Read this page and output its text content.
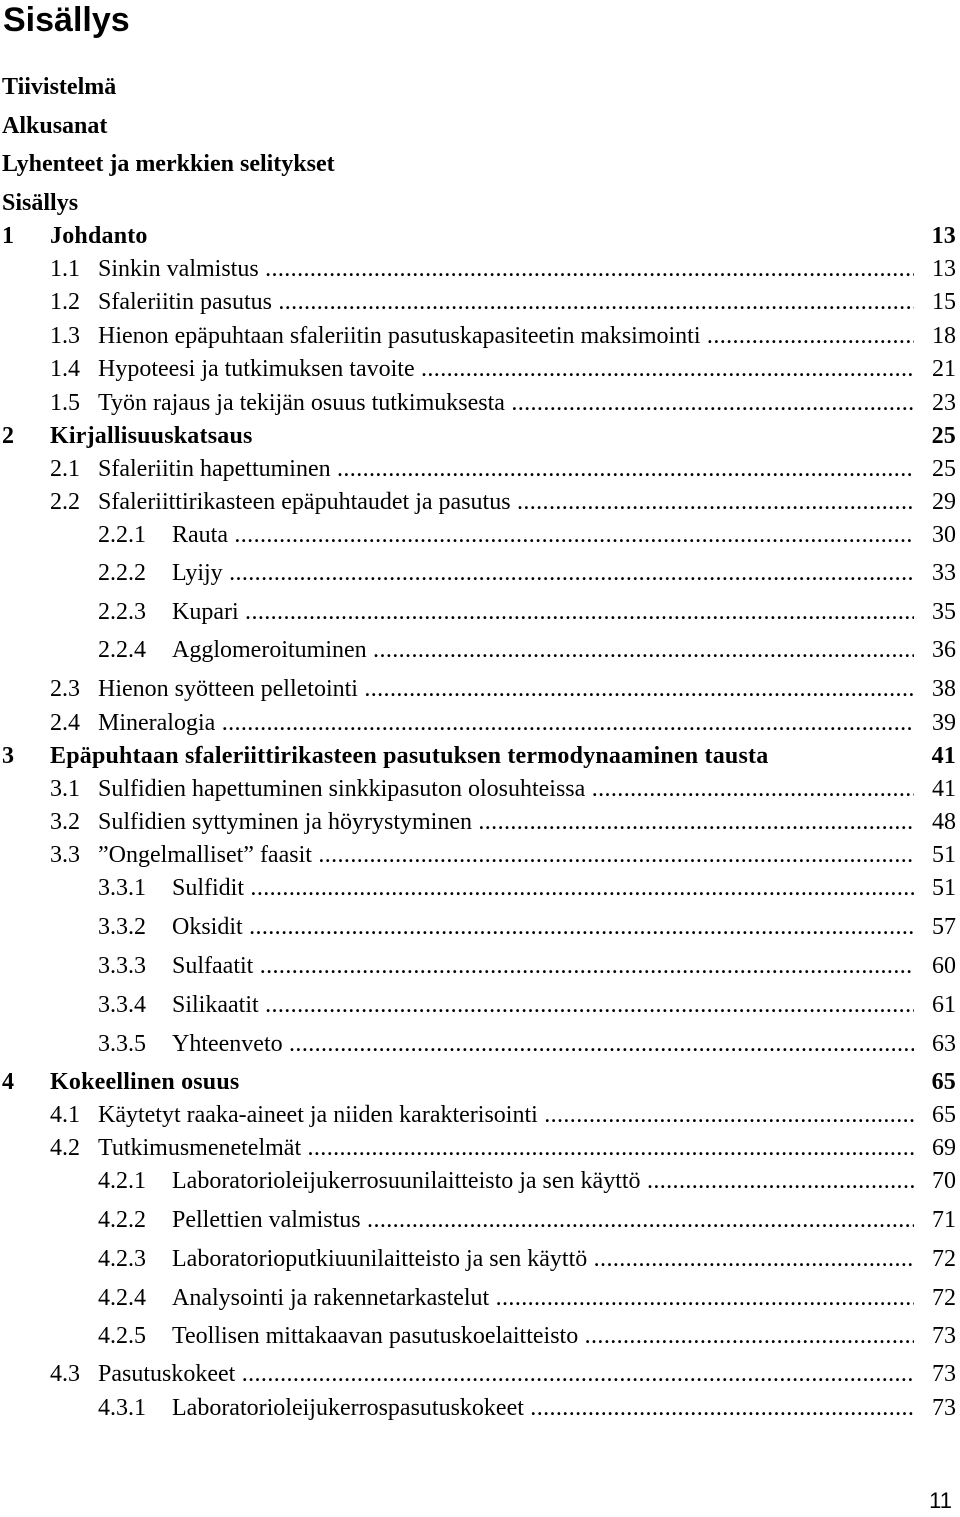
Sisällys
Tiivistelmä
Alkusanat
Lyhenteet ja merkkien selitykset
Sisällys
1 Johdanto	13
1.1 Sinkin valmistus .....	13
1.2 Sfaleriitin pasutus .....	15
1.3 Hienon epäpuhtaan sfaleriitin pasutuskapasiteetin maksimointi .....	18
1.4 Hypoteesi ja tutkimuksen tavoite .....	21
1.5 Työn rajaus ja tekijän osuus tutkimuksesta .....	23
2 Kirjallisuuskatsaus	25
2.1 Sfaleriitin hapettuminen .....	25
2.2 Sfaleriittirikasteen epäpuhtaudet ja pasutus .....	29
2.2.1 Rauta .....	30
2.2.2 Lyijy .....	33
2.2.3 Kupari .....	35
2.2.4 Agglomeroituminen .....	36
2.3 Hienon syötteen pelletointi .....	38
2.4 Mineralogia .....	39
3 Epäpuhtaan sfaleriittirikasteen pasutuksen termodynaaminen tausta	41
3.1 Sulfidien hapettuminen sinkkipasuton olosuhteissa .....	41
3.2 Sulfidien syttyminen ja höyrystyminen .....	48
3.3 ”Ongelmalliset” faasit .....	51
3.3.1 Sulfidit .....	51
3.3.2 Oksidit .....	57
3.3.3 Sulfaatit .....	60
3.3.4 Silikaatit .....	61
3.3.5 Yhteenveto .....	63
4 Kokeellinen osuus	65
4.1 Käytetyt raaka-aineet ja niiden karakterisointi .....	65
4.2 Tutkimusmenetelmät .....	69
4.2.1 Laboratorioleijukerrosuunilaitteisto ja sen käyttö .....	70
4.2.2 Pellettien valmistus .....	71
4.2.3 Laboratorioputkiuunilaitteisto ja sen käyttö .....	72
4.2.4 Analysointi ja rakennetarkastelut .....	72
4.2.5 Teollisen mittakaavan pasutuskoelaitteisto .....	73
4.3 Pasutuskokeet .....	73
4.3.1 Laboratorioleijukerrospasutuskokeet .....	73
11
